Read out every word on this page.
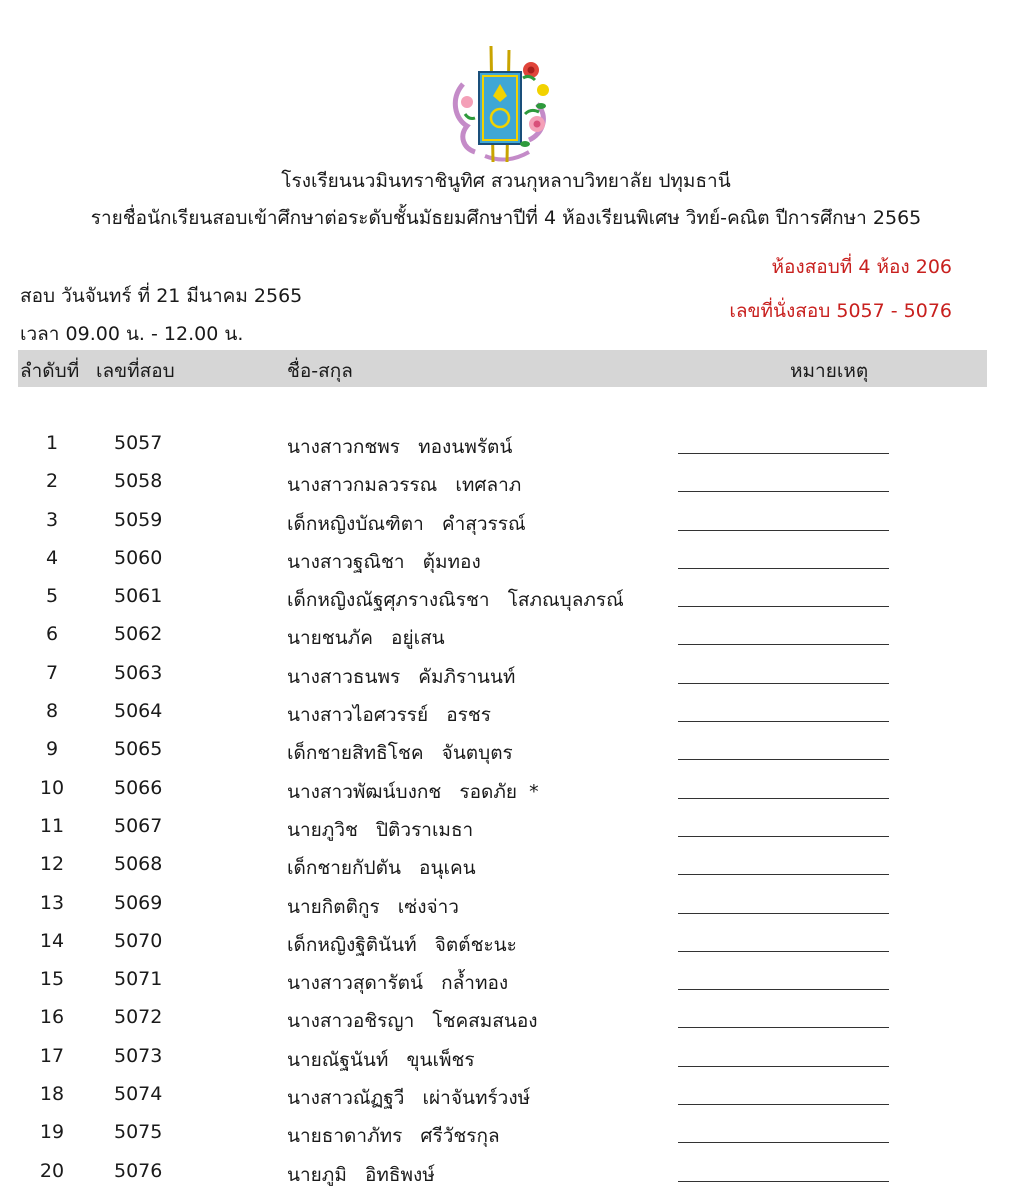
โรงเรียนนวมินทราชินูทิศ สวนกุหลาบวิทยาลัย ปทุมธานี
รายชื่อนักเรียนสอบเข้าศึกษาต่อระดับชั้นมัธยมศึกษาปีที่ 4 ห้องเรียนพิเศษ วิทย์-คณิต ปีการศึกษา 2565
ห้องสอบที่ 4 ห้อง 206
เลขที่นั่งสอบ 5057 - 5076
สอบ วันจันทร์ ที่ 21 มีนาคม 2565
เวลา 09.00 น. - 12.00 น.
ลำดับที่ เลขที่สอบ	ชื่อ-สกุล	หมายเหตุ
1	5057	นางสาวกชพร   ทองนพรัตน์
2	5058	นางสาวกมลวรรณ   เทศลาภ
3	5059	เด็กหญิงบัณฑิตา   คำสุวรรณ์
4	5060	นางสาวฐณิชา   ตุ้มทอง
5	5061	เด็กหญิงณัฐศุภรางณิรชา   โสภณบุลภรณ์
6	5062	นายชนภัค   อยู่เสน
7	5063	นางสาวธนพร   คัมภิรานนท์
8	5064	นางสาวไอศวรรย์   อรชร
9	5065	เด็กชายสิทธิโชค   จันตบุตร
10	5066	นางสาวพัฒน์บงกช   รอดภัย  *
11	5067	นายภูวิช   ปิติวราเมธา
12	5068	เด็กชายกัปตัน   อนุเคน
13	5069	นายกิตติกูร   เซ่งจ่าว
14	5070	เด็กหญิงฐิตินันท์   จิตต์ชะนะ
15	5071	นางสาวสุดารัตน์   กล้ำทอง
16	5072	นางสาวอชิรญา   โชคสมสนอง
17	5073	นายณัฐนันท์   ขุนเพ็ชร
18	5074	นางสาวณัฏฐวี   เผ่าจันทร์วงษ์
19	5075	นายธาดาภัทร   ศรีวัชรกุล
20	5076	นายภูมิ   อิทธิพงษ์
